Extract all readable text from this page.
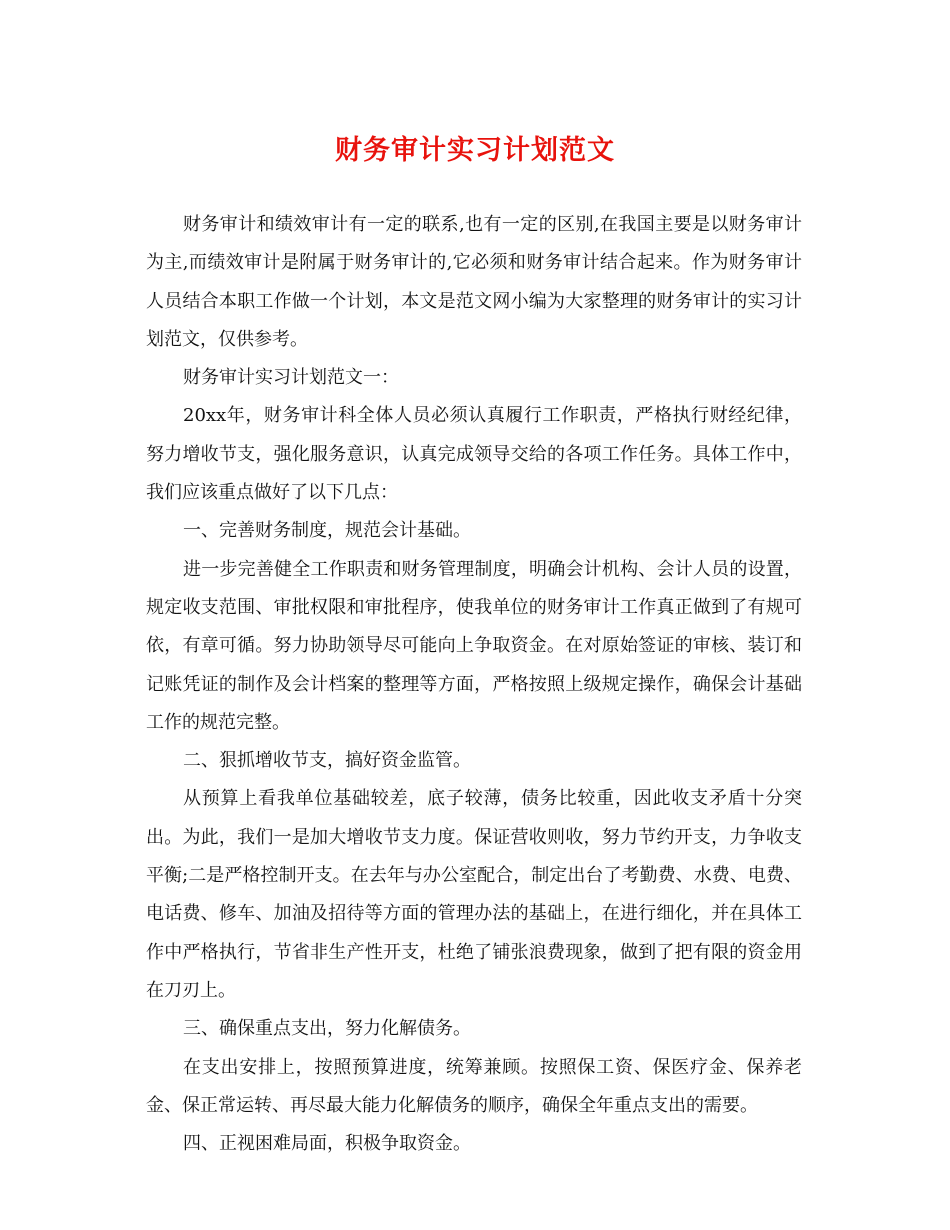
财务审计实习计划范文

财务审计和绩效审计有一定的联系,也有一定的区别,在我国主要是以财务审计为主,而绩效审计是附属于财务审计的,它必须和财务审计结合起来。作为财务审计人员结合本职工作做一个计划，本文是范文网小编为大家整理的财务审计的实习计划范文，仅供参考。

财务审计实习计划范文一：

20xx年，财务审计科全体人员必须认真履行工作职责，严格执行财经纪律，努力增收节支，强化服务意识，认真完成领导交给的各项工作任务。具体工作中，我们应该重点做好了以下几点：

一、完善财务制度，规范会计基础。

进一步完善健全工作职责和财务管理制度，明确会计机构、会计人员的设置，规定收支范围、审批权限和审批程序，使我单位的财务审计工作真正做到了有规可依，有章可循。努力协助领导尽可能向上争取资金。在对原始签证的审核、装订和记账凭证的制作及会计档案的整理等方面，严格按照上级规定操作，确保会计基础工作的规范完整。

二、狠抓增收节支，搞好资金监管。

从预算上看我单位基础较差，底子较薄，债务比较重，因此收支矛盾十分突出。为此，我们一是加大增收节支力度。保证营收则收，努力节约开支，力争收支平衡;二是严格控制开支。在去年与办公室配合，制定出台了考勤费、水费、电费、电话费、修车、加油及招待等方面的管理办法的基础上，在进行细化，并在具体工作中严格执行，节省非生产性开支，杜绝了铺张浪费现象，做到了把有限的资金用在刀刃上。

三、确保重点支出，努力化解债务。

在支出安排上，按照预算进度，统筹兼顾。按照保工资、保医疗金、保养老金、保正常运转、再尽最大能力化解债务的顺序，确保全年重点支出的需要。

四、正视困难局面，积极争取资金。
